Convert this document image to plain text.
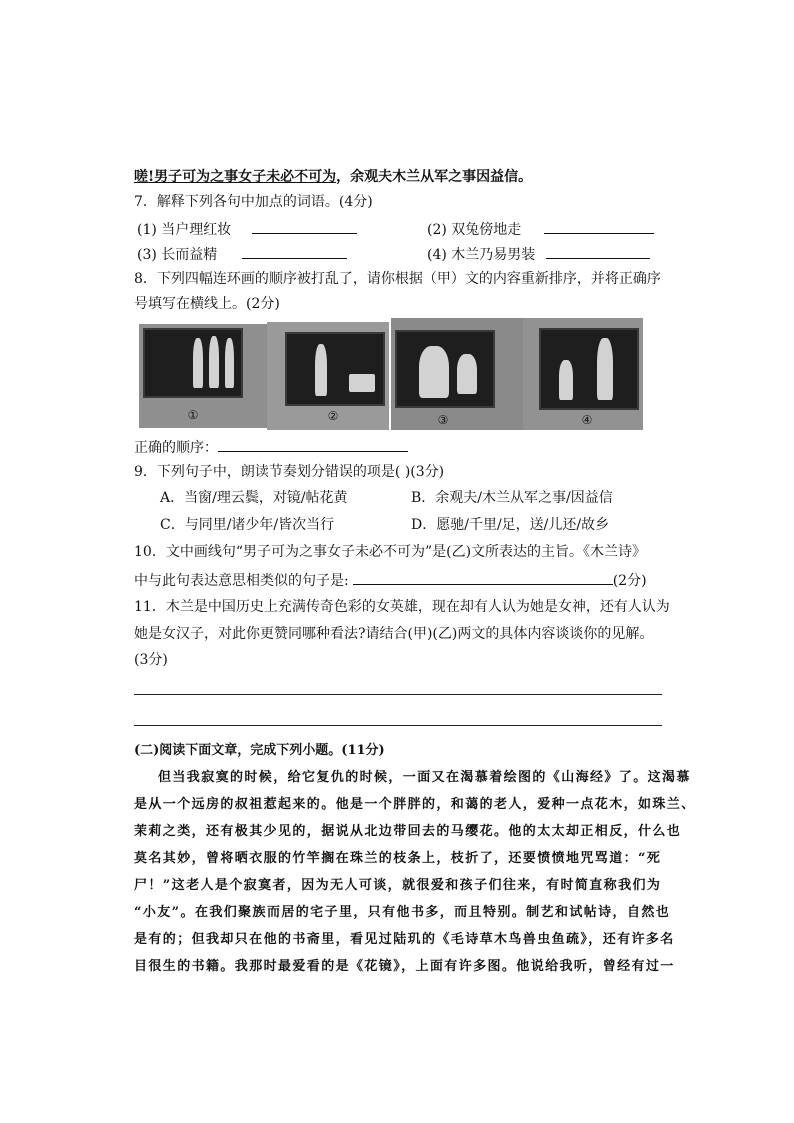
嗟!男子可为之事女子未必不可为，余观夫木兰从军之事因益信。
7．解释下列各句中加点的词语。(4分)
(1) 当户理红妆	(2) 双兔傍地走
(3) 长而益精	(4) 木兰乃易男装
8．下列四幅连环画的顺序被打乱了，请你根据（甲）文的内容重新排序，并将正确序
号填写在横线上。(2分)
①	②	③	④
正确的顺序：
9．下列句子中，朗读节奏划分错误的项是( )(3分)
A．当窗/理云鬓，对镜/帖花黄	B．余观夫/木兰从军之事/因益信
C．与同里/诸少年/皆次当行	D．愿驰/千里/足，送/儿还/故乡
10．文中画线句“男子可为之事女子未必不可为”是(乙)文所表达的主旨。《木兰诗》
中与此句表达意思相类似的句子是:	(2分)
11．木兰是中国历史上充满传奇色彩的女英雄，现在却有人认为她是女神，还有人认为
她是女汉子，对此你更赞同哪种看法?请结合(甲)(乙)两文的具体内容谈谈你的见解。
(3分)
(二)阅读下面文章，完成下列小题。(11分)
但当我寂寞的时候，给它复仇的时候，一面又在渴慕着绘图的《山海经》了。这渴慕
是从一个远房的叔祖惹起来的。他是一个胖胖的，和蔼的老人，爱种一点花木，如珠兰、
茉莉之类，还有极其少见的，据说从北边带回去的马缨花。他的太太却正相反，什么也
莫名其妙，曾将晒衣服的竹竿搁在珠兰的枝条上，枝折了，还要愤愤地咒骂道：“死
尸！”这老人是个寂寞者，因为无人可谈，就很爱和孩子们往来，有时简直称我们为
“小友”。在我们聚族而居的宅子里，只有他书多，而且特别。制艺和试帖诗，自然也
是有的；但我却只在他的书斋里，看见过陆玑的《毛诗草木鸟兽虫鱼疏》，还有许多名
目很生的书籍。我那时最爱看的是《花镜》，上面有许多图。他说给我听，曾经有过一
